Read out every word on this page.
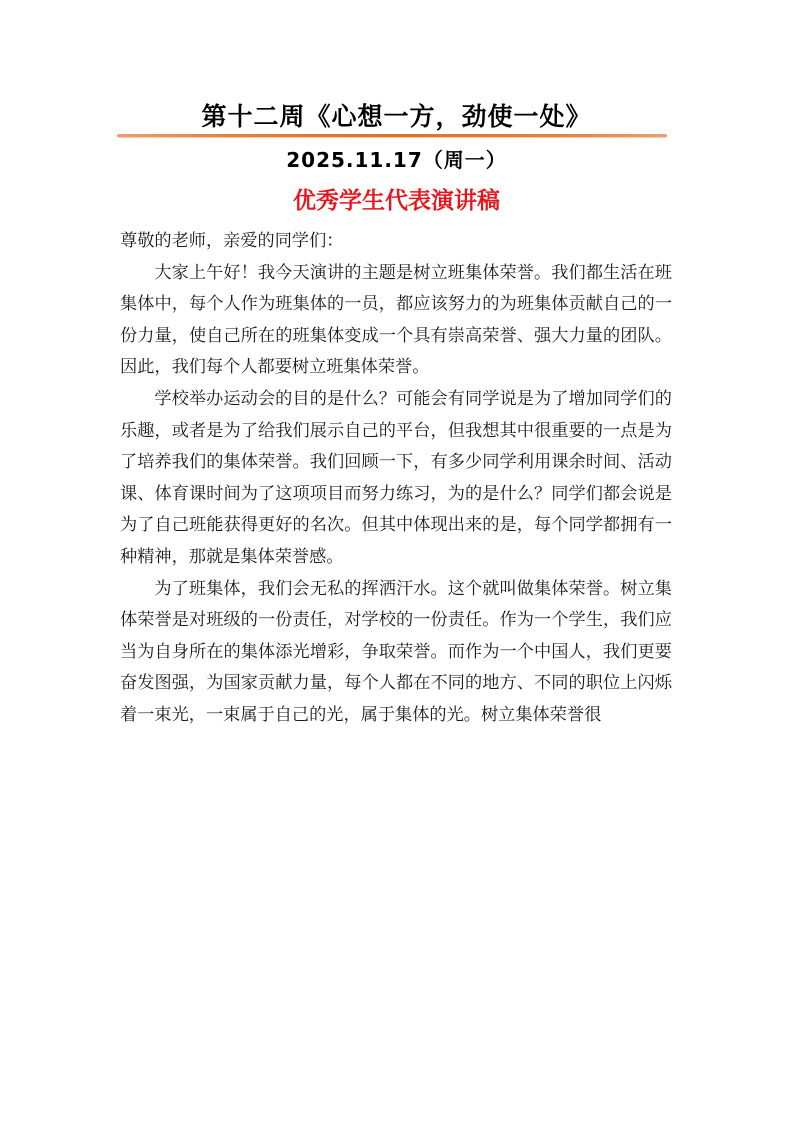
第十二周《心想一方，劲使一处》
2025.11.17（周一）
优秀学生代表演讲稿

尊敬的老师，亲爱的同学们：

大家上午好！我今天演讲的主题是树立班集体荣誉。我们都生活在班集体中，每个人作为班集体的一员，都应该努力的为班集体贡献自己的一份力量，使自己所在的班集体变成一个具有崇高荣誉、强大力量的团队。因此，我们每个人都要树立班集体荣誉。

学校举办运动会的目的是什么？可能会有同学说是为了增加同学们的乐趣，或者是为了给我们展示自己的平台，但我想其中很重要的一点是为了培养我们的集体荣誉。我们回顾一下，有多少同学利用课余时间、活动课、体育课时间为了这项项目而努力练习，为的是什么？同学们都会说是为了自己班能获得更好的名次。但其中体现出来的是，每个同学都拥有一种精神，那就是集体荣誉感。

为了班集体，我们会无私的挥洒汗水。这个就叫做集体荣誉。树立集体荣誉是对班级的一份责任，对学校的一份责任。作为一个学生，我们应当为自身所在的集体添光增彩，争取荣誉。而作为一个中国人，我们更要奋发图强，为国家贡献力量，每个人都在不同的地方、不同的职位上闪烁着一束光，一束属于自己的光，属于集体的光。树立集体荣誉很
